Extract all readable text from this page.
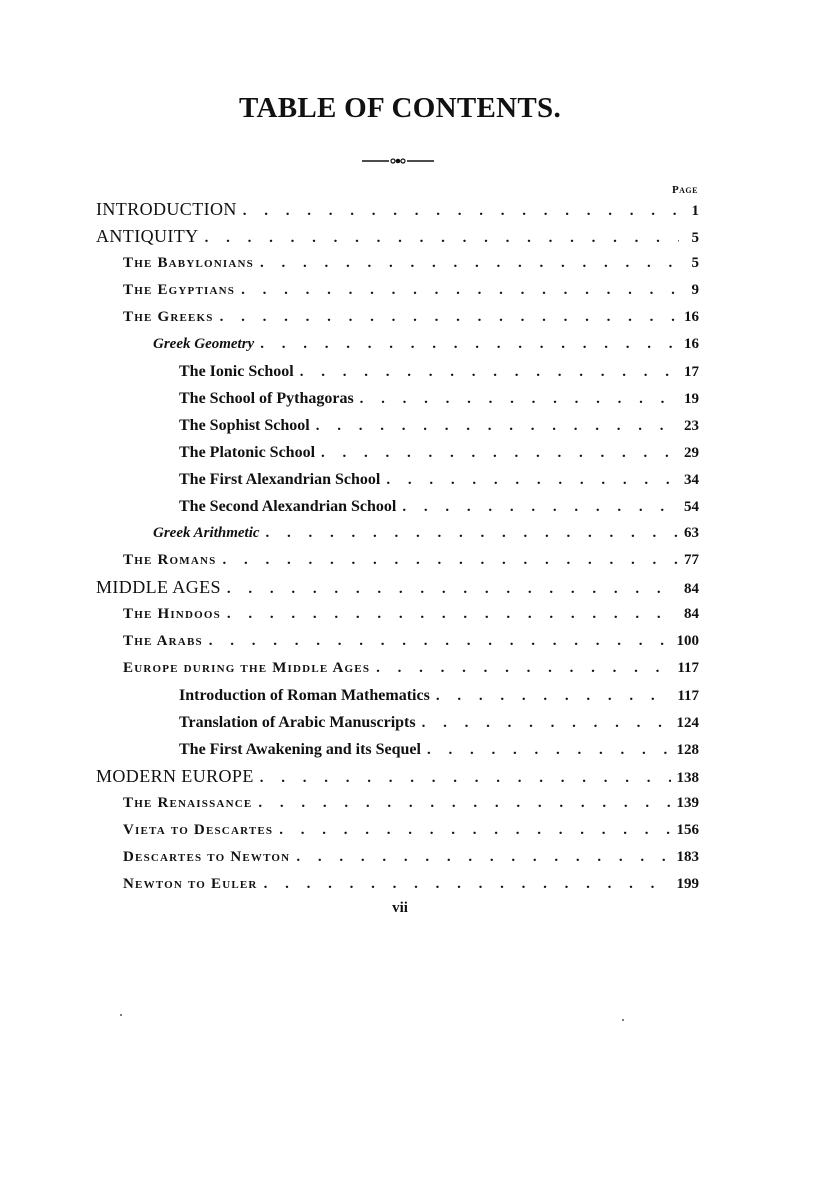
TABLE OF CONTENTS.
Page
INTRODUCTION . . .	1
ANTIQUITY . . .	5
The Babylonians . . .	5
The Egyptians . . .	9
The Greeks . . .	16
Greek Geometry . . .	16
The Ionic School . . .	17
The School of Pythagoras . . .	19
The Sophist School . . .	23
The Platonic School . . .	29
The First Alexandrian School . . .	34
The Second Alexandrian School . . .	54
Greek Arithmetic . . .	63
The Romans . . .	77
MIDDLE AGES . . .	84
The Hindoos . . .	84
The Arabs . . .	100
Europe during the Middle Ages . . .	117
Introduction of Roman Mathematics . . .	117
Translation of Arabic Manuscripts . . .	124
The First Awakening and its Sequel . . .	128
MODERN EUROPE . . .	138
The Renaissance . . .	139
Vieta to Descartes . . .	156
Descartes to Newton . . .	183
Newton to Euler . . .	199
vii
